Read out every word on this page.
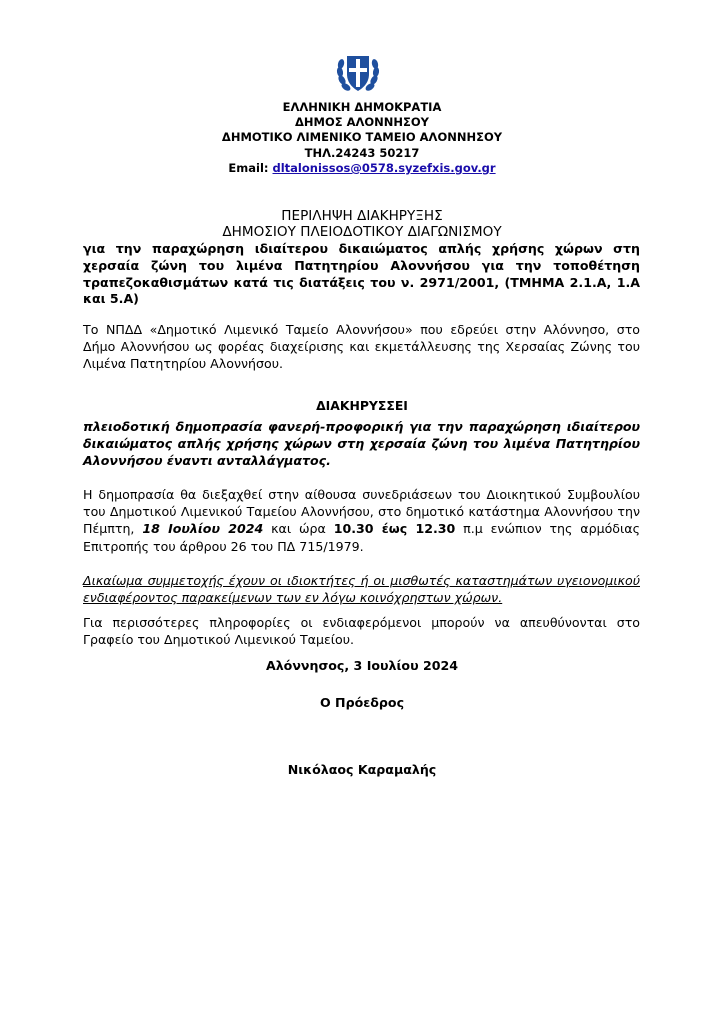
ΕΛΛΗΝΙΚΗ ΔΗΜΟΚΡΑΤΙΑ
ΔΗΜΟΣ ΑΛΟΝΝΗΣΟΥ
ΔΗΜΟΤΙΚΟ ΛΙΜΕΝΙΚΟ ΤΑΜΕΙΟ ΑΛΟΝΝΗΣΟΥ
ΤΗΛ.24243 50217
Email: dltalonissos@0578.syzefxis.gov.gr
ΠΕΡΙΛΗΨΗ ΔΙΑΚΗΡΥΞΗΣ
ΔΗΜΟΣΙΟΥ ΠΛΕΙΟΔΟΤΙΚΟΥ ΔΙΑΓΩΝΙΣΜΟΥ
για την παραχώρηση ιδιαίτερου δικαιώματος απλής χρήσης χώρων στη χερσαία ζώνη του λιμένα Πατητηρίου Αλοννήσου για την τοποθέτηση τραπεζοκαθισμάτων κατά τις διατάξεις του ν. 2971/2001, (ΤΜΗΜΑ 2.1.Α, 1.Α και 5.Α)
Το ΝΠΔΔ «Δημοτικό Λιμενικό Ταμείο Αλοννήσου» που εδρεύει στην Αλόννησο, στο Δήμο Αλοννήσου ως φορέας διαχείρισης και εκμετάλλευσης της Χερσαίας Ζώνης του Λιμένα Πατητηρίου Αλοννήσου.
ΔΙΑΚΗΡΥΣΣΕΙ
πλειοδοτική δημοπρασία φανερή-προφορική για την παραχώρηση ιδιαίτερου δικαιώματος απλής χρήσης χώρων στη χερσαία ζώνη του λιμένα Πατητηρίου Αλοννήσου έναντι ανταλλάγματος.
Η δημοπρασία θα διεξαχθεί στην αίθουσα συνεδριάσεων του Διοικητικού Συμβουλίου του Δημοτικού Λιμενικού Ταμείου Αλοννήσου, στο δημοτικό κατάστημα Αλοννήσου την Πέμπτη, 18 Ιουλίου 2024 και ώρα 10.30 έως 12.30 π.μ ενώπιον της αρμόδιας Επιτροπής του άρθρου 26 του ΠΔ 715/1979.
Δικαίωμα συμμετοχής έχουν οι ιδιοκτήτες ή οι μισθωτές καταστημάτων υγειονομικού ενδιαφέροντος παρακείμενων των εν λόγω κοινόχρηστων χώρων.
Για περισσότερες πληροφορίες οι ενδιαφερόμενοι μπορούν να απευθύνονται στο Γραφείο του Δημοτικού Λιμενικού Ταμείου.
Αλόννησος, 3 Ιουλίου 2024
Ο Πρόεδρος
Νικόλαος Καραμαλής
